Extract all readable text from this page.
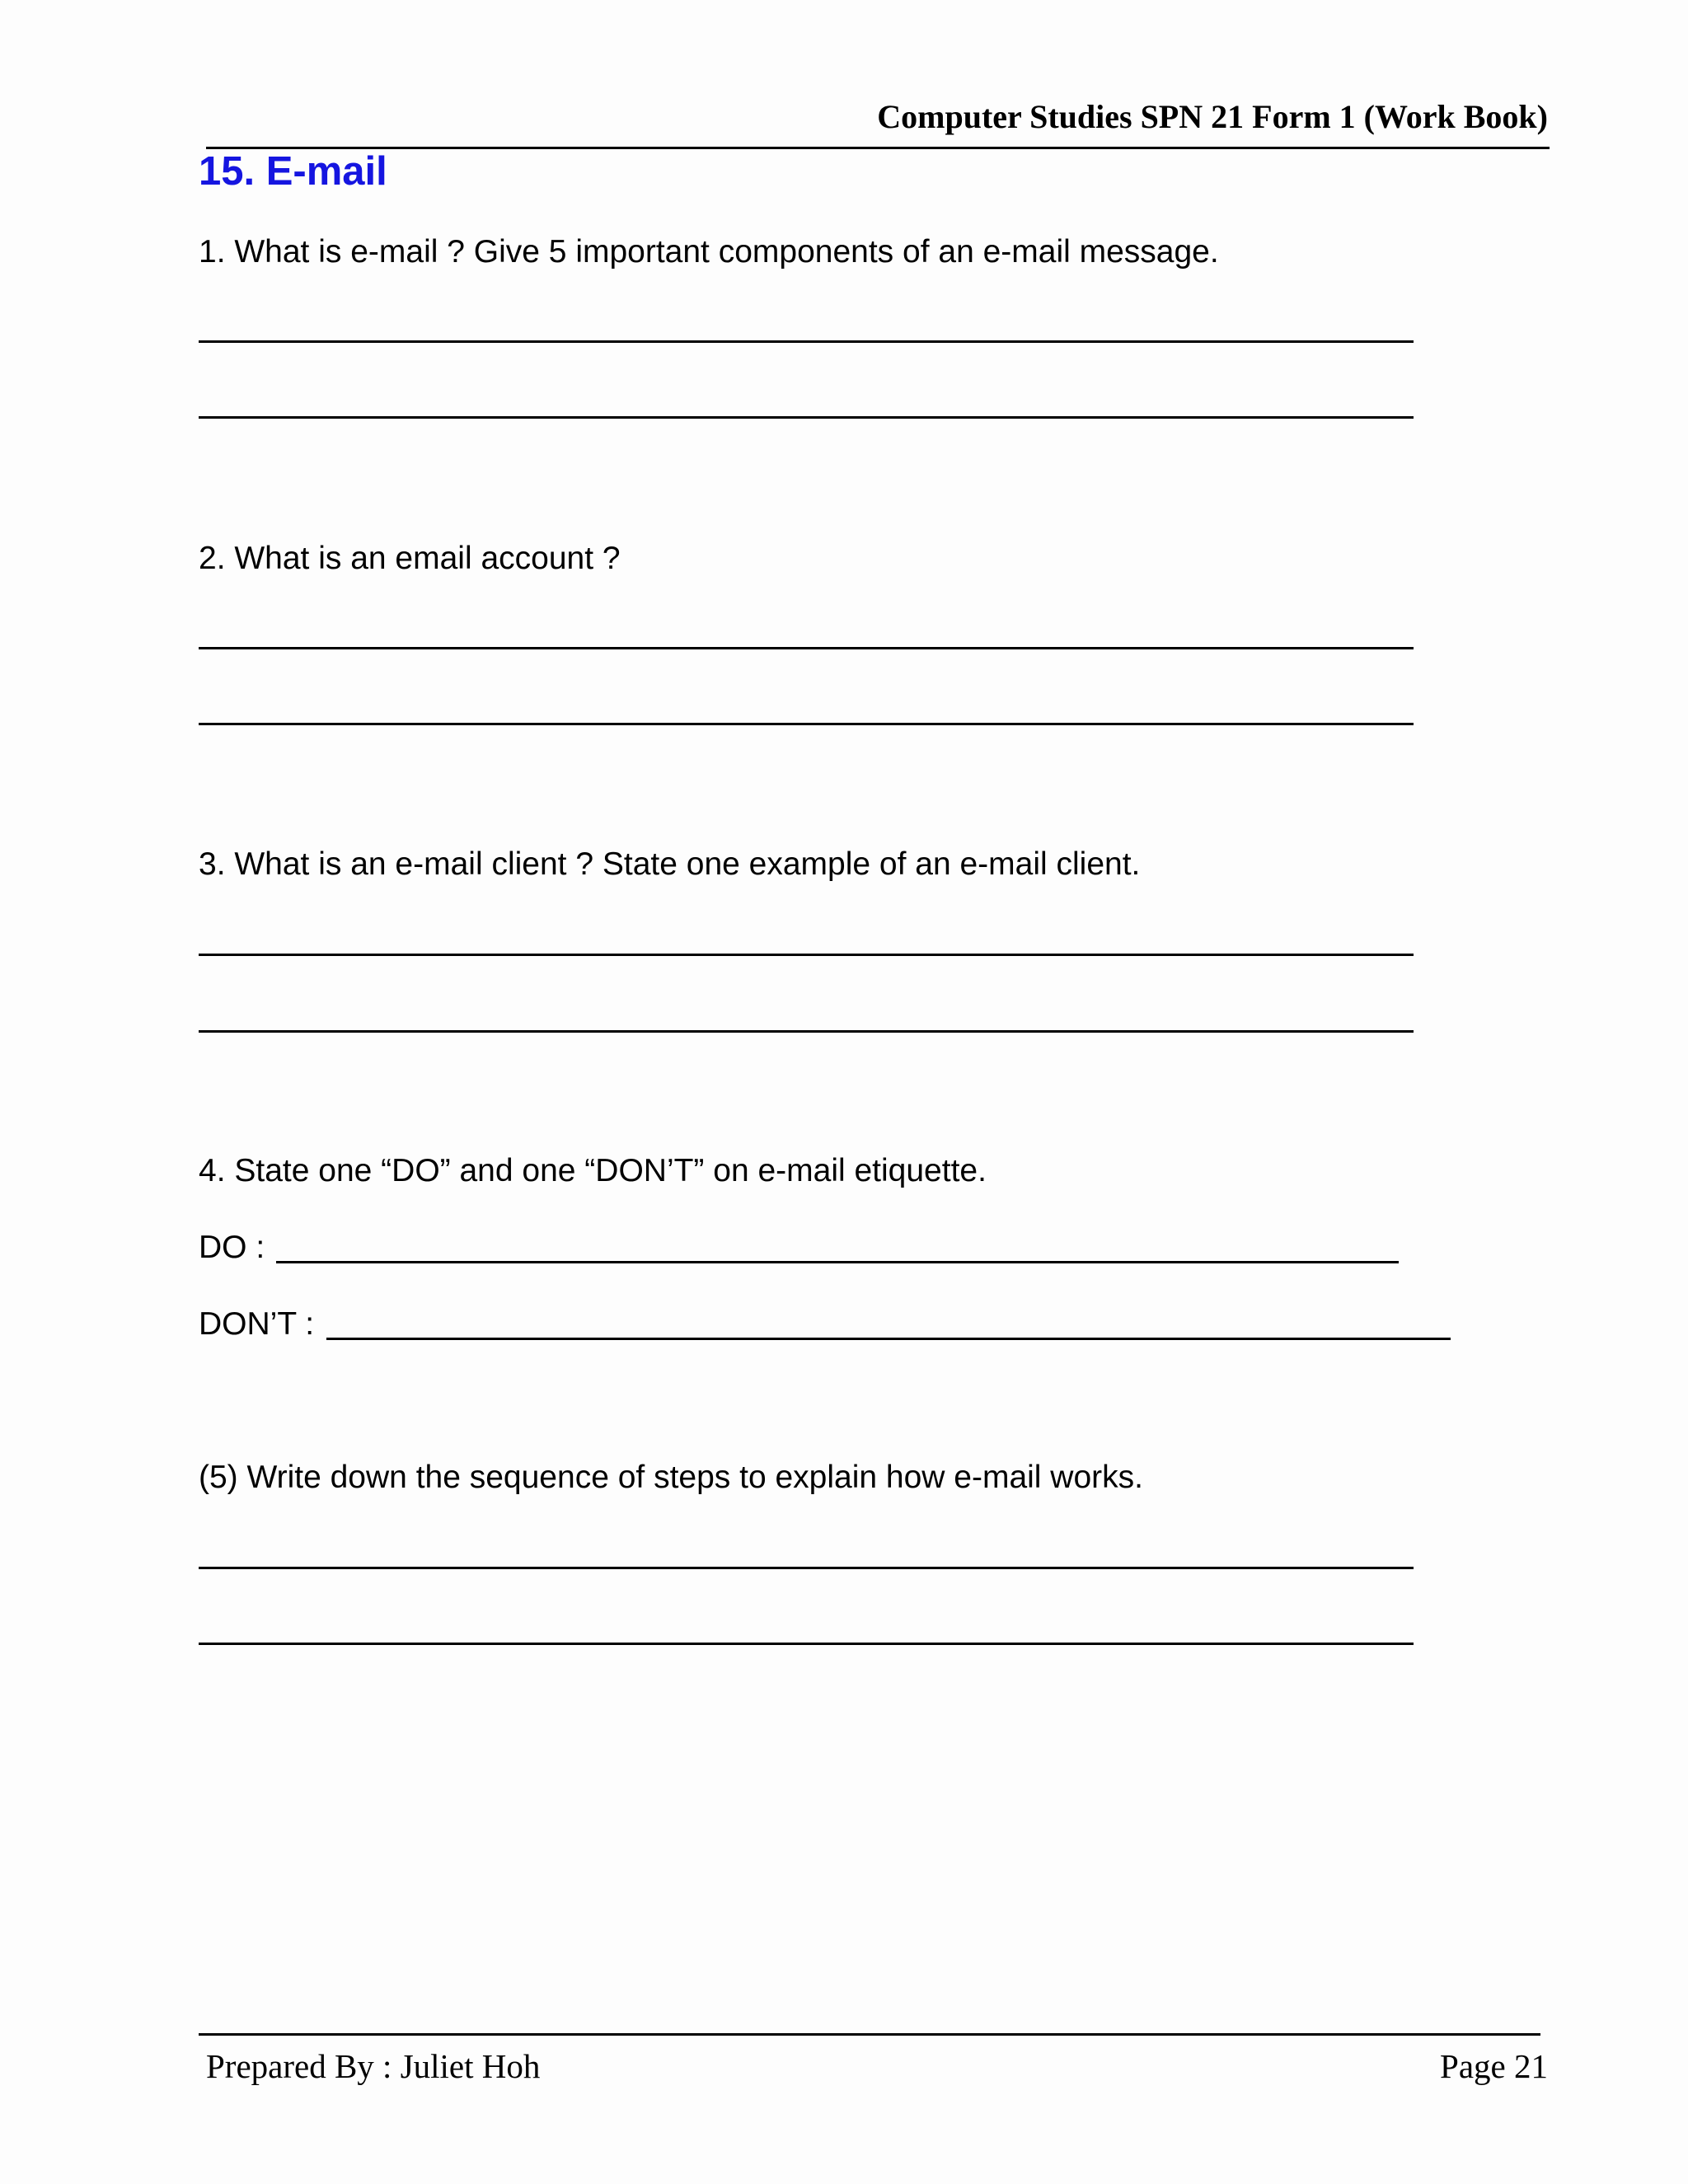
Computer Studies SPN 21 Form 1 (Work Book)
15. E-mail
1. What is e-mail ? Give 5 important components of an e-mail message.
2. What is an email account ?
3. What is an e-mail client ? State one example of an e-mail client.
4. State one “DO” and one “DON’T” on e-mail etiquette.
DO :
DON’T :
(5) Write down the sequence of steps to explain how e-mail works.
Prepared By : Juliet Hoh	Page 21
